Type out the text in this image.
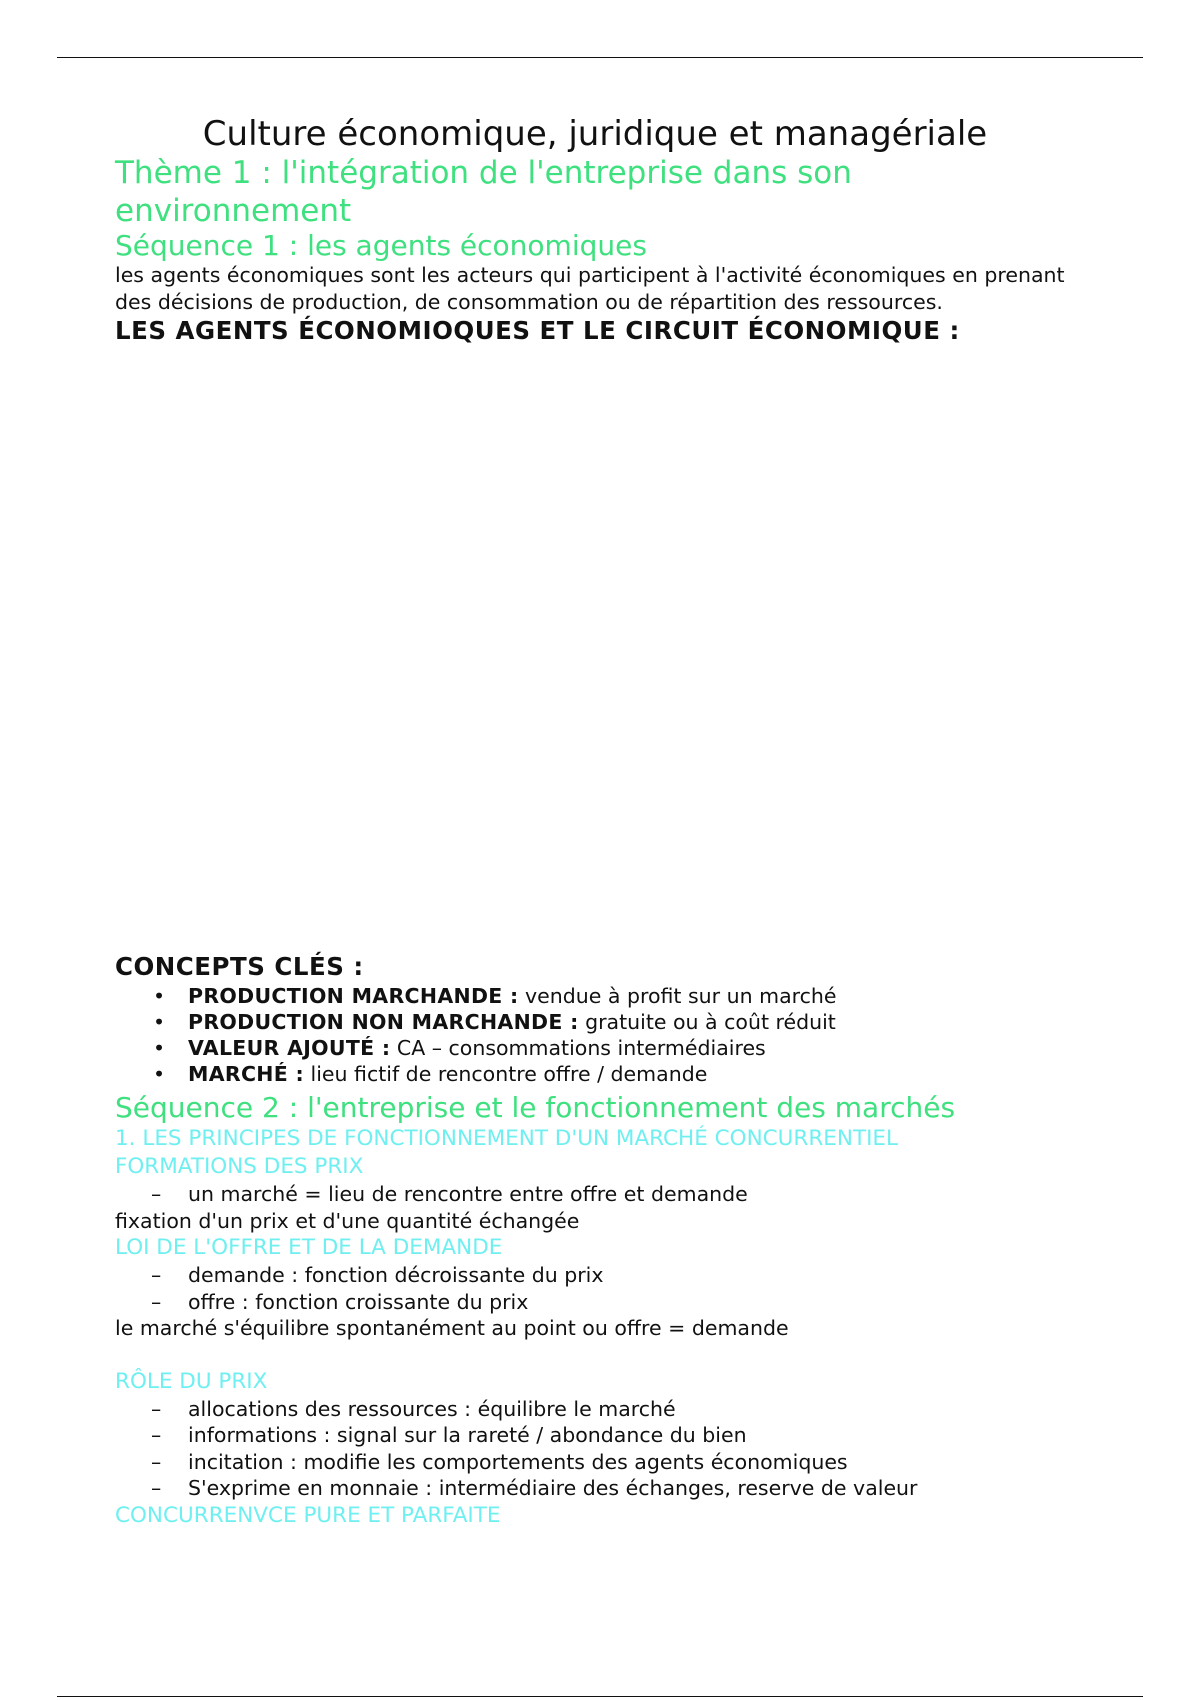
Culture économique, juridique et managériale
Thème 1 : l'intégration de l'entreprise dans son environnement
Séquence 1 : les agents économiques
les agents économiques sont les acteurs qui participent à l'activité économiques en prenant des décisions de production, de consommation ou de répartition des ressources.
LES AGENTS ÉCONOMIOQUES ET LE CIRCUIT ÉCONOMIQUE :
CONCEPTS CLÉS :
• PRODUCTION MARCHANDE : vendue à profit sur un marché
• PRODUCTION NON MARCHANDE : gratuite ou à coût réduit
• VALEUR AJOUTÉ : CA – consommations intermédiaires
• MARCHÉ : lieu fictif de rencontre offre / demande
Séquence 2 : l'entreprise et le fonctionnement des marchés
1. LES PRINCIPES DE FONCTIONNEMENT D'UN MARCHÉ CONCURRENTIEL
FORMATIONS DES PRIX
– un marché = lieu de rencontre entre offre et demande
fixation d'un prix et d'une quantité échangée
LOI DE L'OFFRE ET DE LA DEMANDE
– demande : fonction décroissante du prix
– offre : fonction croissante du prix
le marché s'équilibre spontanément au point ou offre = demande
RÔLE DU PRIX
– allocations des ressources : équilibre le marché
– informations : signal sur la rareté / abondance du bien
– incitation : modifie les comportements des agents économiques
– S'exprime en monnaie : intermédiaire des échanges, reserve de valeur
CONCURRENVCE PURE ET PARFAITE
